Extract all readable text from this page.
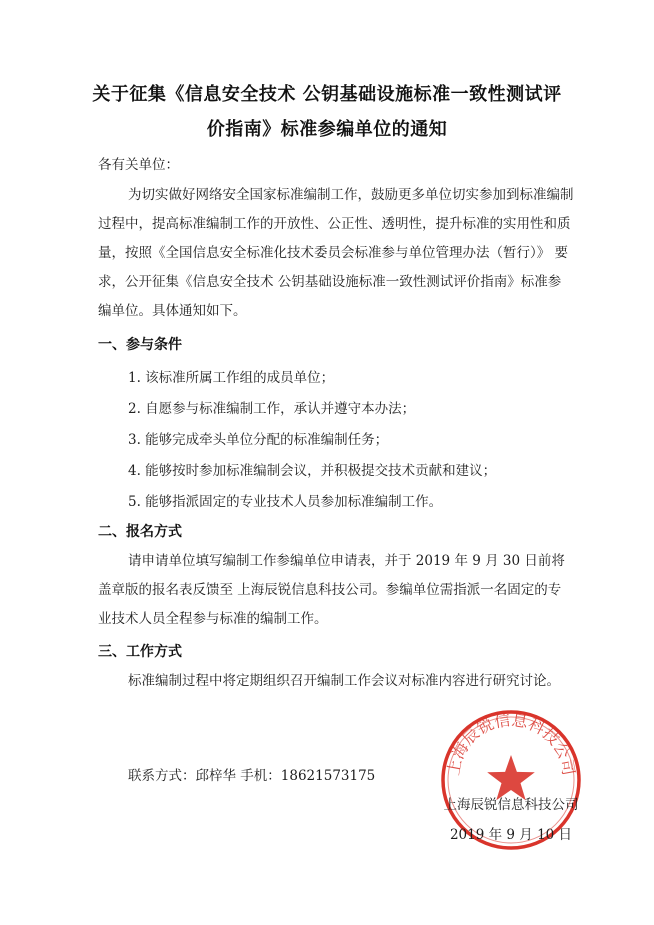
关于征集《信息安全技术 公钥基础设施标准一致性测试评
价指南》标准参编单位的通知
各有关单位：
为切实做好网络安全国家标准编制工作，鼓励更多单位切实参加到标准编制
过程中，提高标准编制工作的开放性、公正性、透明性，提升标准的实用性和质
量，按照《全国信息安全标准化技术委员会标准参与单位管理办法（暂行）》 要
求，公开征集《信息安全技术 公钥基础设施标准一致性测试评价指南》标准参
编单位。具体通知如下。
一、参与条件
1. 该标准所属工作组的成员单位；
2. 自愿参与标准编制工作，承认并遵守本办法；
3. 能够完成牵头单位分配的标准编制任务；
4. 能够按时参加标准编制会议，并积极提交技术贡献和建议；
5. 能够指派固定的专业技术人员参加标准编制工作。
二、报名方式
请申请单位填写编制工作参编单位申请表，并于 2019 年 9 月 30 日前将
盖章版的报名表反馈至 上海辰锐信息科技公司。参编单位需指派一名固定的专
业技术人员全程参与标准的编制工作。
三、工作方式
标准编制过程中将定期组织召开编制工作会议对标准内容进行研究讨论。
联系方式：邱梓华 手机：18621573175	上海辰锐信息科技公司
上海辰锐信息科技公司
2019 年 9 月 10 日
